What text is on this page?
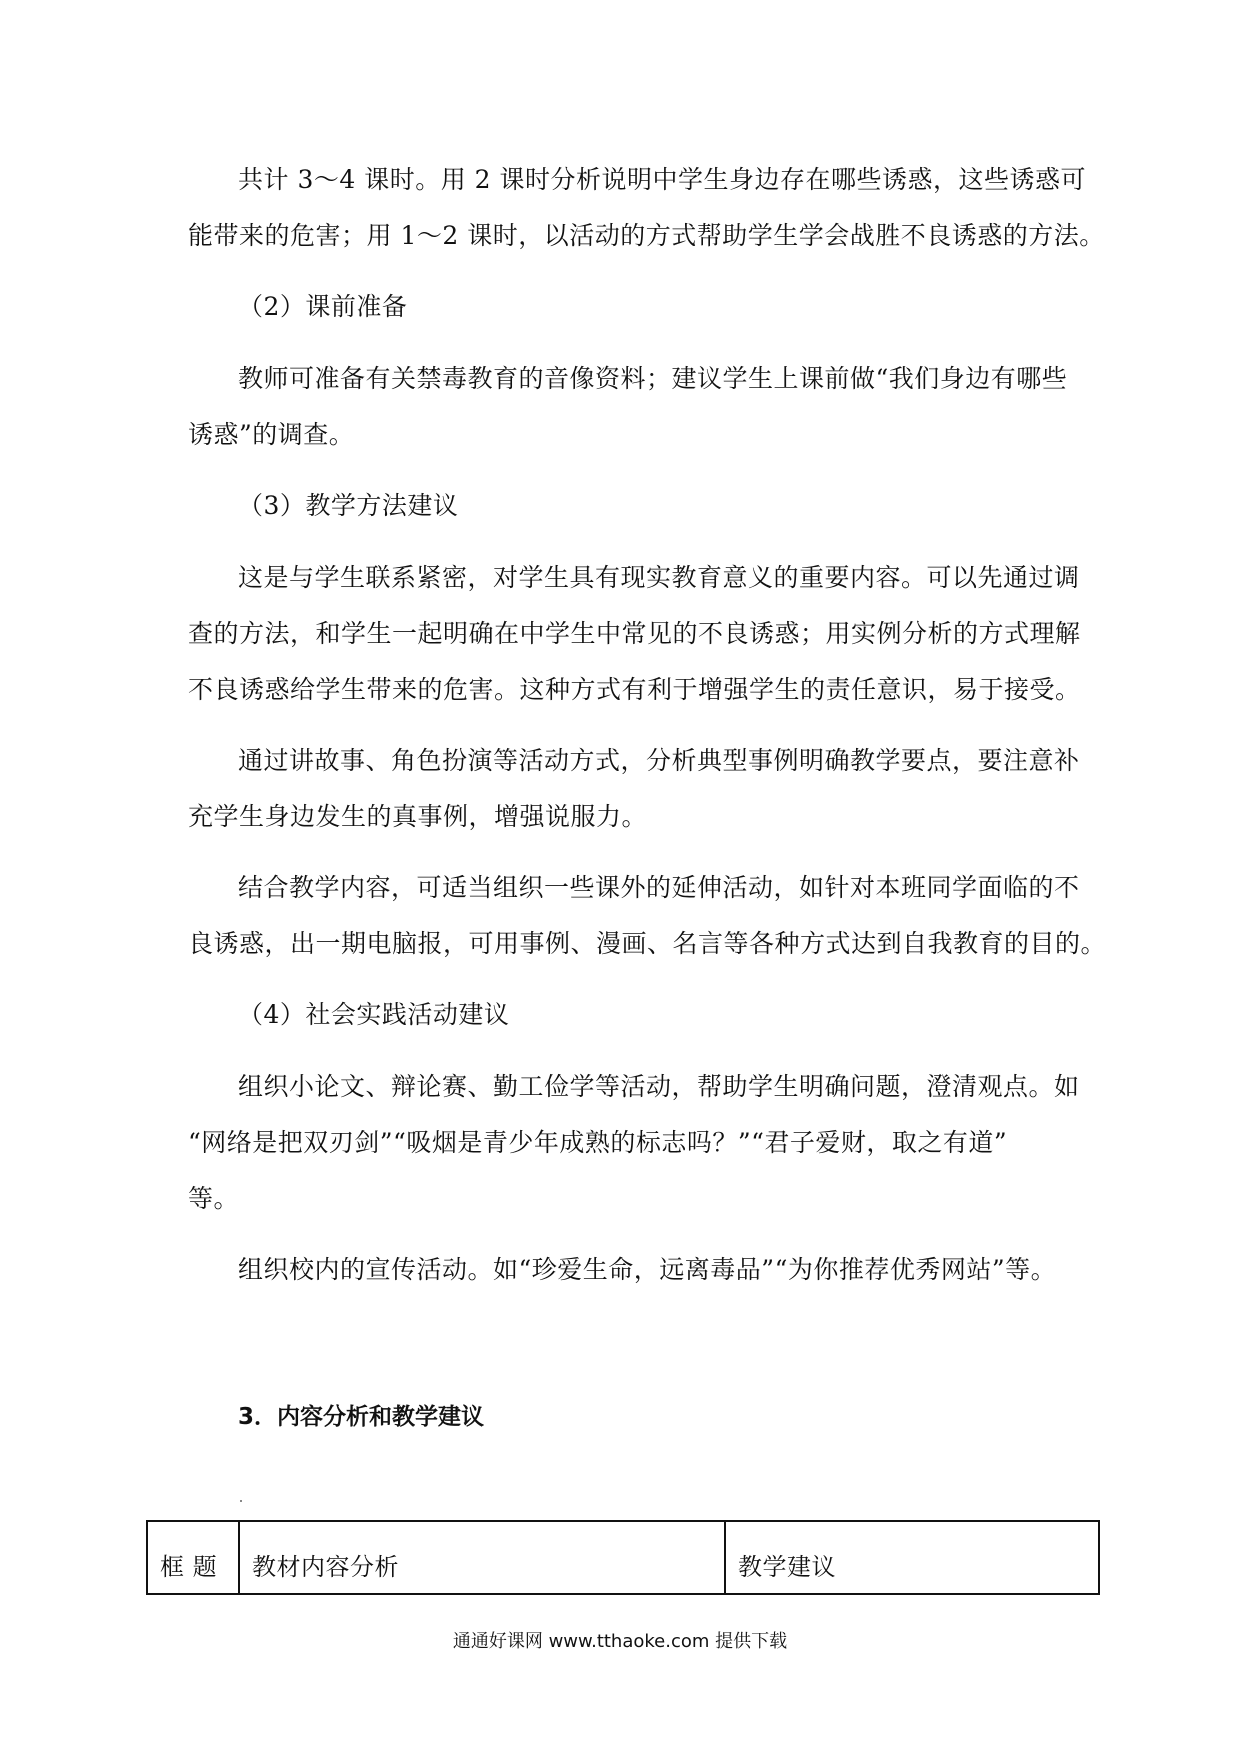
共计 3～4 课时。用 2 课时分析说明中学生身边存在哪些诱惑，这些诱惑可
能带来的危害；用 1～2 课时，以活动的方式帮助学生学会战胜不良诱惑的方法。
（2）课前准备
教师可准备有关禁毒教育的音像资料；建议学生上课前做“我们身边有哪些
诱惑”的调查。
（3）教学方法建议
这是与学生联系紧密，对学生具有现实教育意义的重要内容。可以先通过调
查的方法，和学生一起明确在中学生中常见的不良诱惑；用实例分析的方式理解
不良诱惑给学生带来的危害。这种方式有利于增强学生的责任意识，易于接受。
通过讲故事、角色扮演等活动方式，分析典型事例明确教学要点，要注意补
充学生身边发生的真事例，增强说服力。
结合教学内容，可适当组织一些课外的延伸活动，如针对本班同学面临的不
良诱惑，出一期电脑报，可用事例、漫画、名言等各种方式达到自我教育的目的。
（4）社会实践活动建议
组织小论文、辩论赛、勤工俭学等活动，帮助学生明确问题，澄清观点。如
“网络是把双刃剑”“吸烟是青少年成熟的标志吗？”“君子爱财，取之有道”
等。
组织校内的宣传活动。如“珍爱生命，远离毒品”“为你推荐优秀网站”等。
3．内容分析和教学建议
框 题	教材内容分析	教学建议
通通好课网 www.tthaoke.com 提供下载
